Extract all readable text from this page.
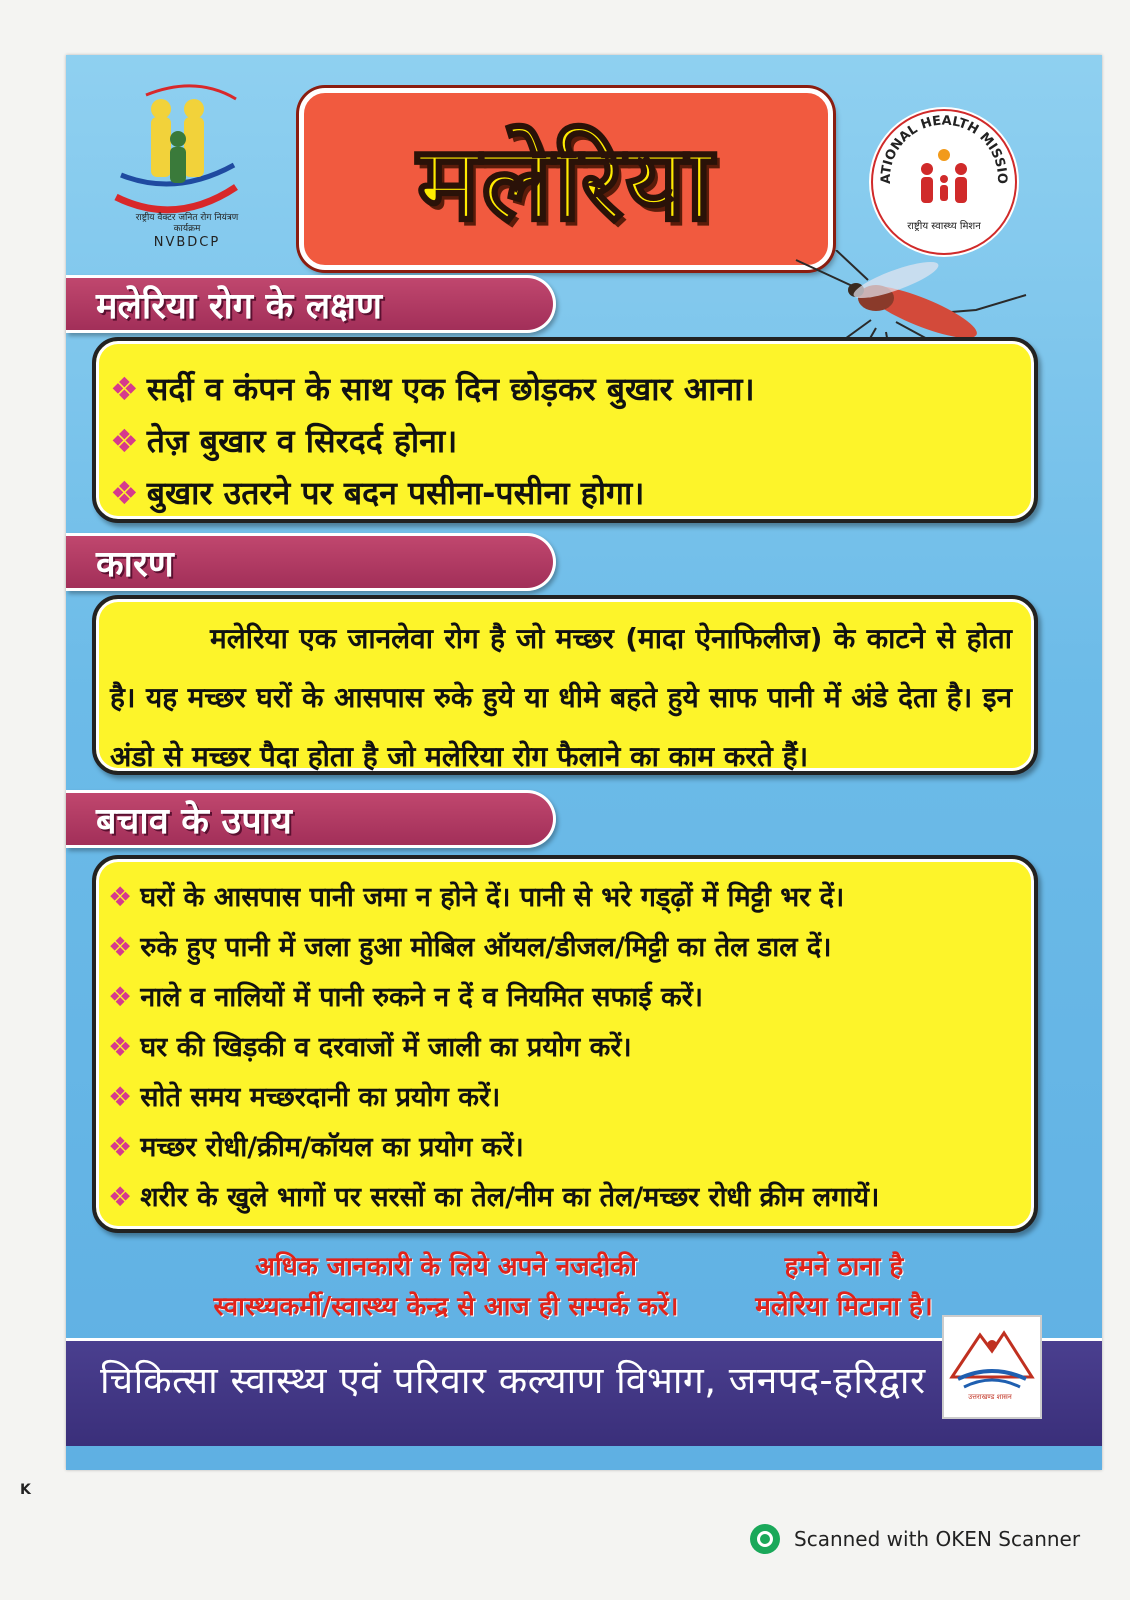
राष्ट्रीय वैक्टर जनित रोग नियंत्रण कार्यक्रम
NVBDCP	मलेरिया	ATIONAL HEALTH MISSIO
राष्ट्रीय स्वास्थ्य मिशन
मलेरिया रोग के लक्षण
❖ सर्दी व कंपन के साथ एक दिन छोड़कर बुखार आना।
❖ तेज़ बुखार व सिरदर्द होना।
❖ बुखार उतरने पर बदन पसीना-पसीना होगा।
कारण
मलेरिया एक जानलेवा रोग है जो मच्छर (मादा ऐनाफिलीज) के काटने से होता है। यह मच्छर घरों के आसपास रुके हुये या धीमे बहते हुये साफ पानी में अंडे देता है। इन अंडो से मच्छर पैदा होता है जो मलेरिया रोग फैलाने का काम करते हैं।
बचाव के उपाय
❖ घरों के आसपास पानी जमा न होने दें। पानी से भरे गड्ढ़ों में मिट्टी भर दें।
❖ रुके हुए पानी में जला हुआ मोबिल ऑयल/डीजल/मिट्टी का तेल डाल दें।
❖ नाले व नालियों में पानी रुकने न दें व नियमित सफाई करें।
❖ घर की खिड़की व दरवाजों में जाली का प्रयोग करें।
❖ सोते समय मच्छरदानी का प्रयोग करें।
❖ मच्छर रोधी/क्रीम/कॉयल का प्रयोग करें।
❖ शरीर के खुले भागों पर सरसों का तेल/नीम का तेल/मच्छर रोधी क्रीम लगायें।
अधिक जानकारी के लिये अपने नजदीकी
स्वास्थ्यकर्मी/स्वास्थ्य केन्द्र से आज ही सम्पर्क करें।
हमने ठाना है
मलेरिया मिटाना है।
चिकित्सा स्वास्थ्य एवं परिवार कल्याण विभाग, जनपद-हरिद्वार	उत्तराखण्ड शासन
K
Scanned with OKEN Scanner
